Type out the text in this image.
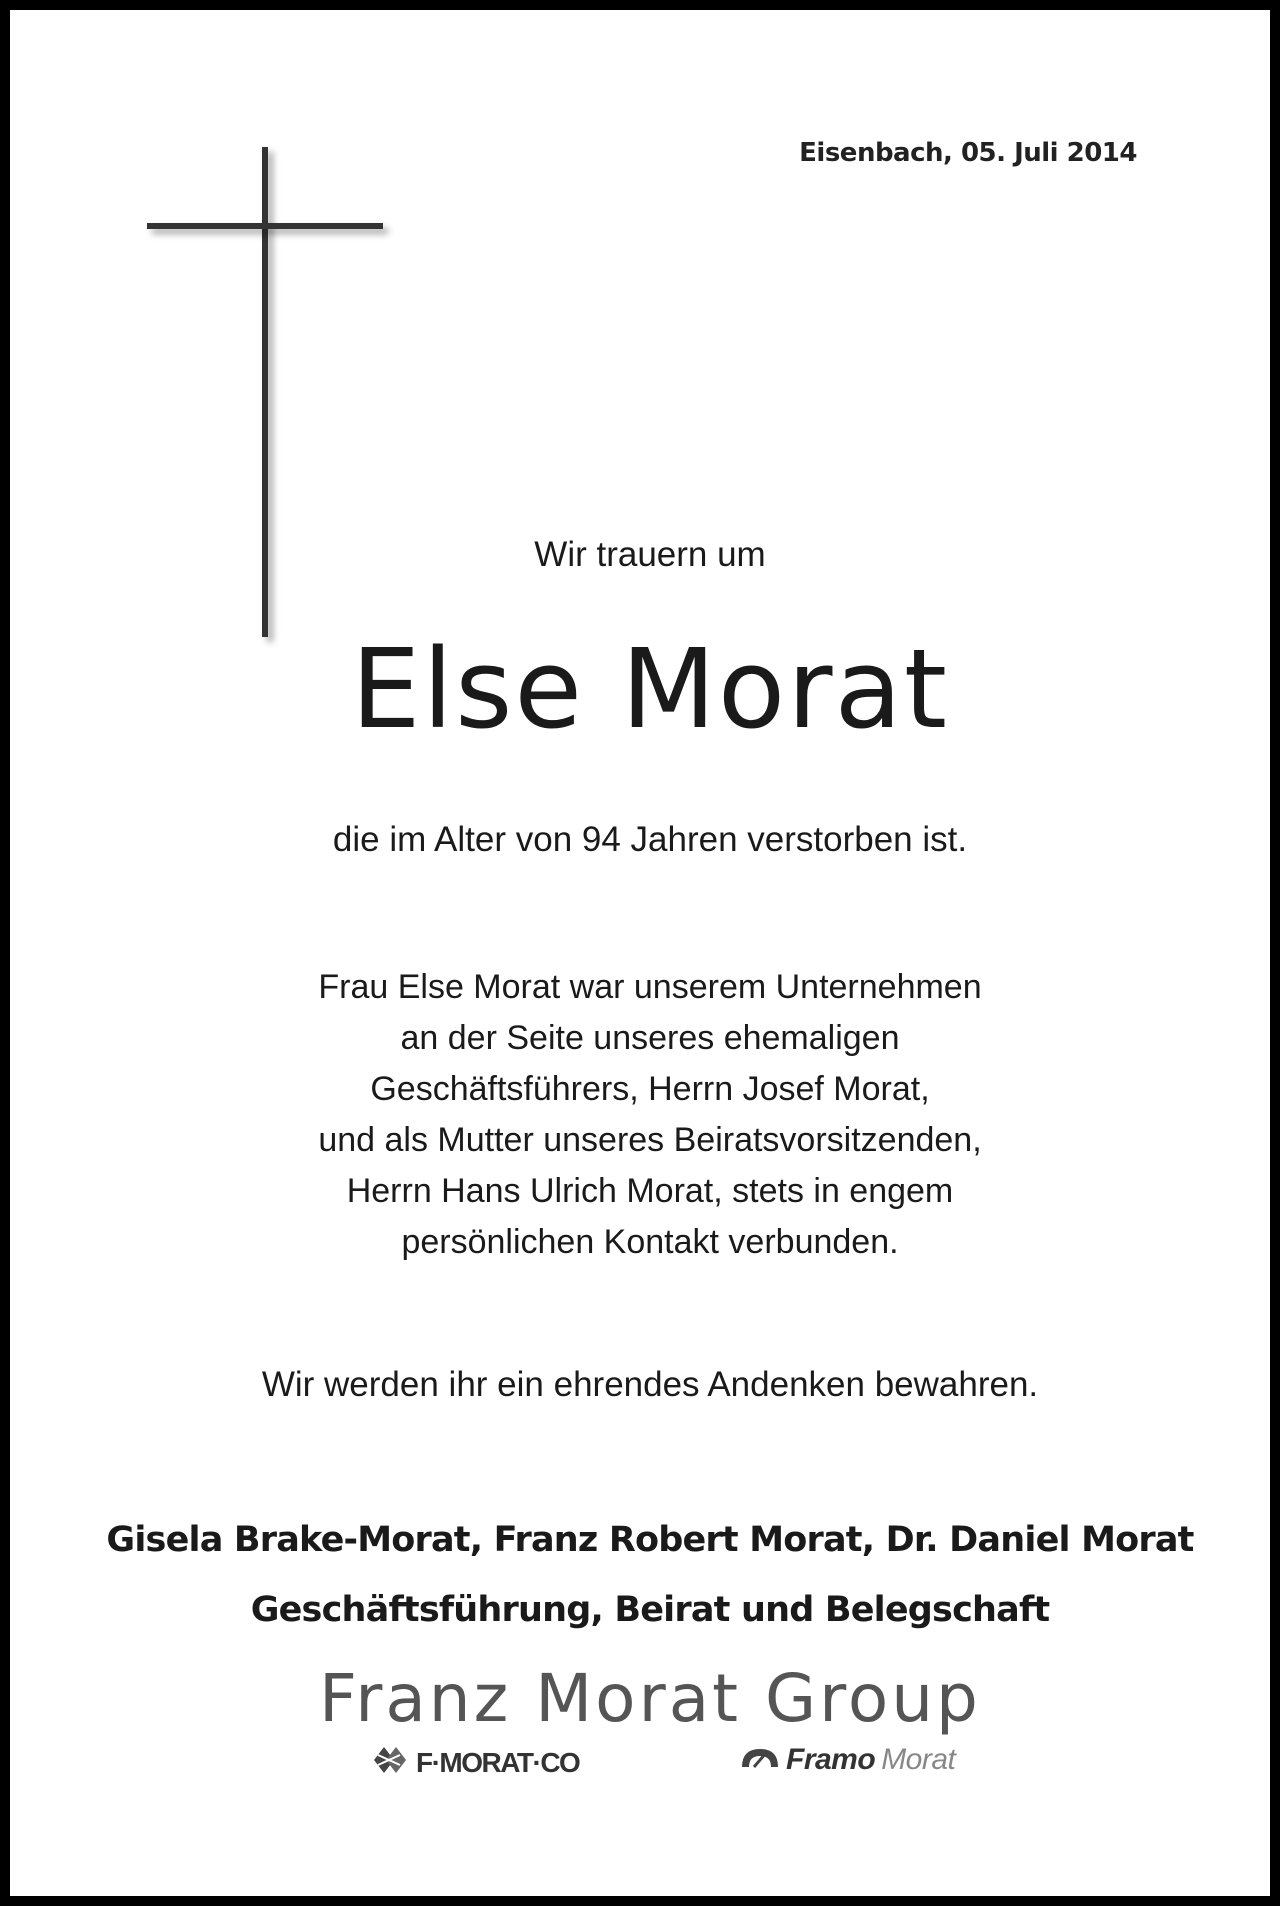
Eisenbach, 05. Juli 2014
Wir trauern um
Else Morat
die im Alter von 94 Jahren verstorben ist.
Frau Else Morat war unserem Unternehmen
an der Seite unseres ehemaligen
Geschäftsführers, Herrn Josef Morat,
und als Mutter unseres Beiratsvorsitzenden,
Herrn Hans Ulrich Morat, stets in engem
persönlichen Kontakt verbunden.
Wir werden ihr ein ehrendes Andenken bewahren.
Gisela Brake-Morat, Franz Robert Morat, Dr. Daniel Morat
Geschäftsführung, Beirat und Belegschaft
Franz Morat Group
F·MORAT·CO	Framo Morat
